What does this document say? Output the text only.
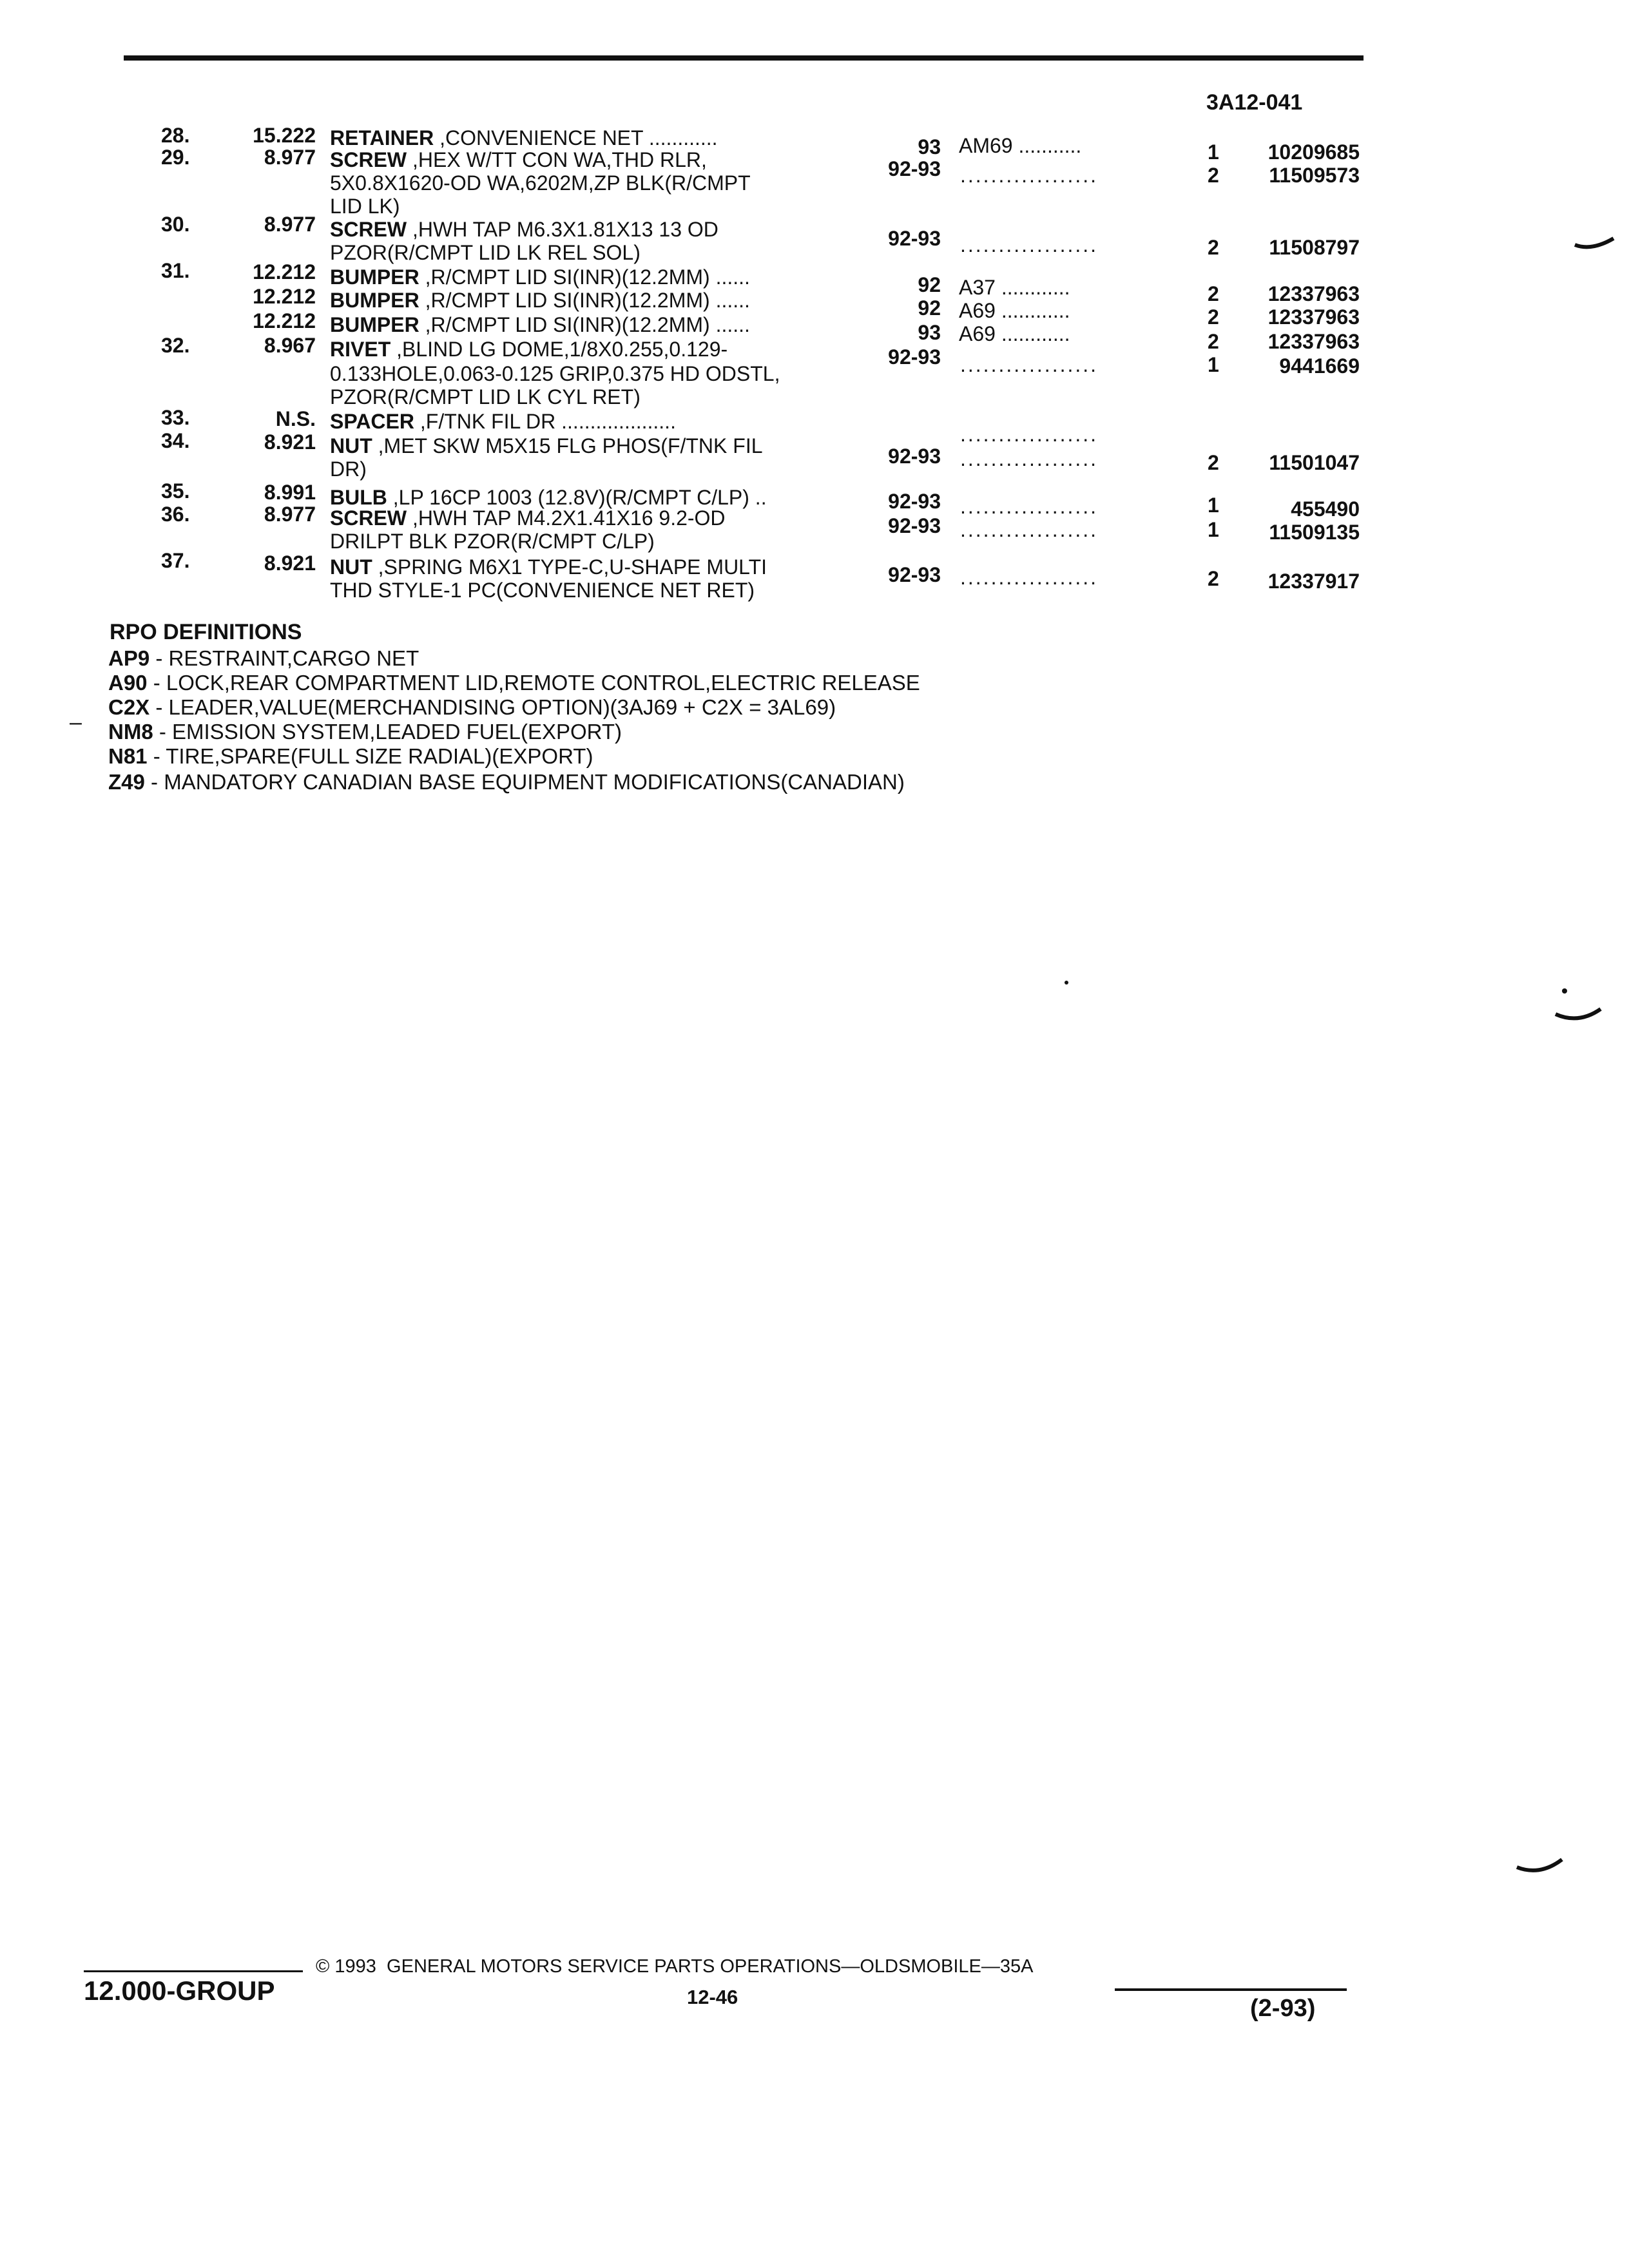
3A12-041
28.	15.222 RETAINER ,CONVENIENCE NET ............	93 AM69 ...........	1	10209685
29.	8.977 SCREW ,HEX W/TT CON WA,THD RLR,
5X0.8X1620-OD WA,6202M,ZP BLK(R/CMPT
LID LK)
92-93 ..................	2	11509573
30.	8.977 SCREW ,HWH TAP M6.3X1.81X13 13 OD
PZOR(R/CMPT LID LK REL SOL)
92-93 ..................	2	11508797
31.	12.212 BUMPER ,R/CMPT LID SI(INR)(12.2MM) ......	92 A37 ............	2	12337963
12.212 BUMPER ,R/CMPT LID SI(INR)(12.2MM) ......	92 A69 ............	2	12337963
12.212 BUMPER ,R/CMPT LID SI(INR)(12.2MM) ......	93 A69 ............	2	12337963
32.	8.967 RIVET ,BLIND LG DOME,1/8X0.255,0.129-
0.133HOLE,0.063-0.125 GRIP,0.375 HD ODSTL,
PZOR(R/CMPT LID LK CYL RET)
92-93 ..................	1	9441669
33.	N.S. SPACER ,F/TNK FIL DR ....................
..................
34.	8.921 NUT ,MET SKW M5X15 FLG PHOS(F/TNK FIL
DR)
92-93 ..................	2	11501047
35.	8.991 BULB ,LP 16CP 1003 (12.8V)(R/CMPT C/LP) ..	92-93 ..................	1	455490
36.	8.977 SCREW ,HWH TAP M4.2X1.41X16 9.2-OD
DRILPT BLK PZOR(R/CMPT C/LP)
92-93 ..................	1	11509135
37.	8.921 NUT ,SPRING M6X1 TYPE-C,U-SHAPE MULTI
THD STYLE-1 PC(CONVENIENCE NET RET)
92-93 ..................	2	12337917
RPO DEFINITIONS
AP9 - RESTRAINT,CARGO NET
A90 - LOCK,REAR COMPARTMENT LID,REMOTE CONTROL,ELECTRIC RELEASE
C2X - LEADER,VALUE(MERCHANDISING OPTION)(3AJ69 + C2X = 3AL69)
NM8 - EMISSION SYSTEM,LEADED FUEL(EXPORT)
N81 - TIRE,SPARE(FULL SIZE RADIAL)(EXPORT)
Z49 - MANDATORY CANADIAN BASE EQUIPMENT MODIFICATIONS(CANADIAN)
–
12.000-GROUP
© 1993  GENERAL MOTORS SERVICE PARTS OPERATIONS—OLDSMOBILE—35A
12-46	(2-93)
